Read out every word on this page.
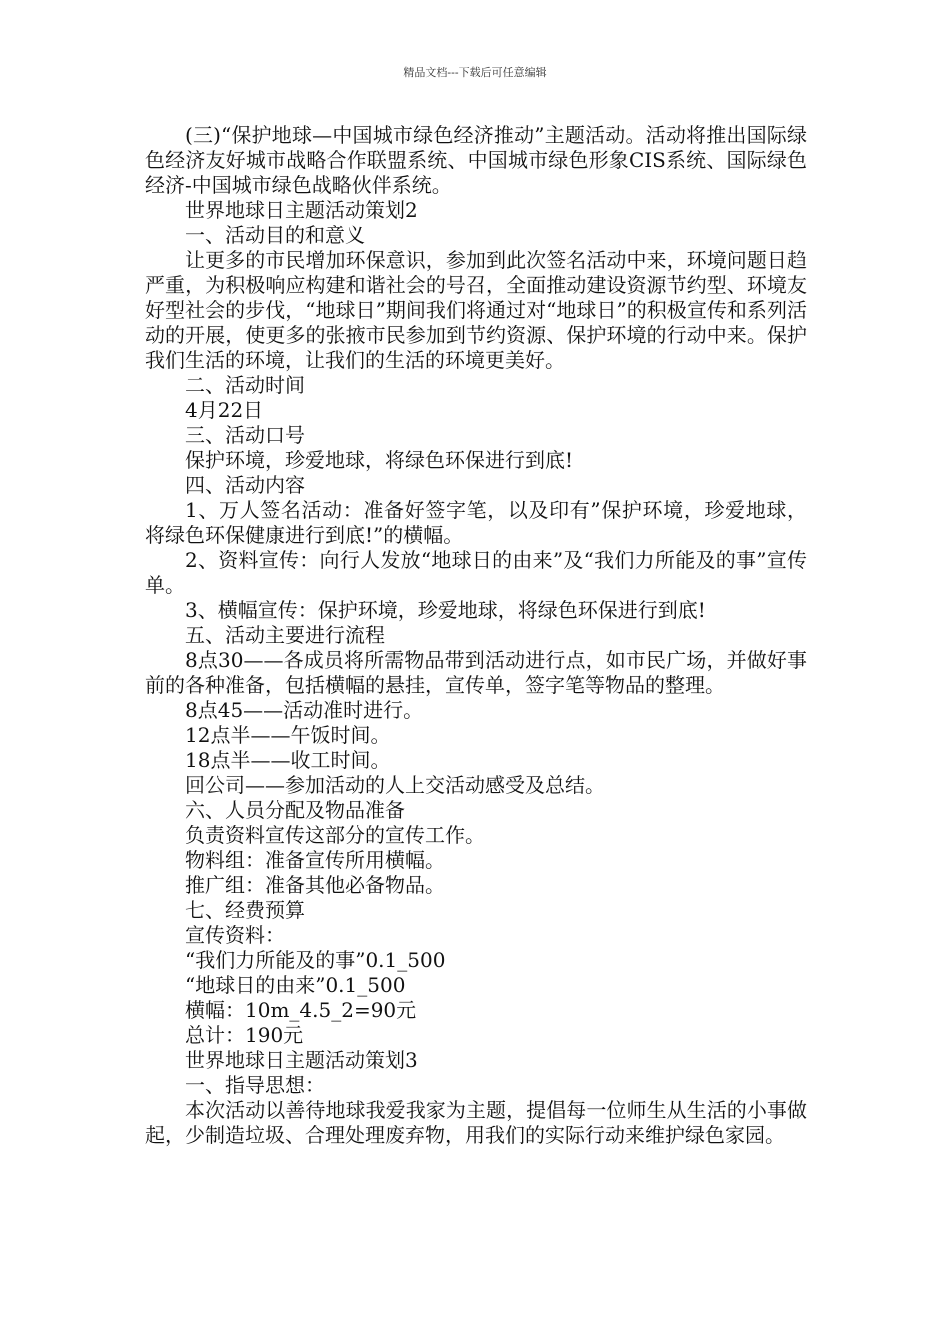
精品文档---下载后可任意编辑

(三)“保护地球—中国城市绿色经济推动”主题活动。活动将推出国际绿色经济友好城市战略合作联盟系统、中国城市绿色形象CIS系统、国际绿色经济-中国城市绿色战略伙伴系统。

世界地球日主题活动策划2

一、活动目的和意义

让更多的市民增加环保意识，参加到此次签名活动中来，环境问题日趋严重，为积极响应构建和谐社会的号召，全面推动建设资源节约型、环境友好型社会的步伐，“地球日”期间我们将通过对“地球日”的积极宣传和系列活动的开展，使更多的张掖市民参加到节约资源、保护环境的行动中来。保护我们生活的环境，让我们的生活的环境更美好。

二、活动时间

4月22日

三、活动口号

保护环境，珍爱地球，将绿色环保进行到底!

四、活动内容

1、万人签名活动：准备好签字笔，以及印有”保护环境，珍爱地球，将绿色环保健康进行到底!”的横幅。

2、资料宣传：向行人发放“地球日的由来”及“我们力所能及的事”宣传单。

3、横幅宣传：保护环境，珍爱地球，将绿色环保进行到底!

五、活动主要进行流程

8点30——各成员将所需物品带到活动进行点，如市民广场，并做好事前的各种准备，包括横幅的悬挂，宣传单，签字笔等物品的整理。

8点45——活动准时进行。

12点半——午饭时间。

18点半——收工时间。

回公司——参加活动的人上交活动感受及总结。

六、人员分配及物品准备

负责资料宣传这部分的宣传工作。

物料组：准备宣传所用横幅。

推广组：准备其他必备物品。

七、经费预算

宣传资料：

“我们力所能及的事”0.1_500

“地球日的由来”0.1_500

横幅：10m_4.5_2=90元

总计：190元

世界地球日主题活动策划3

一、指导思想：

本次活动以善待地球我爱我家为主题，提倡每一位师生从生活的小事做起，少制造垃圾、合理处理废弃物，用我们的实际行动来维护绿色家园。
